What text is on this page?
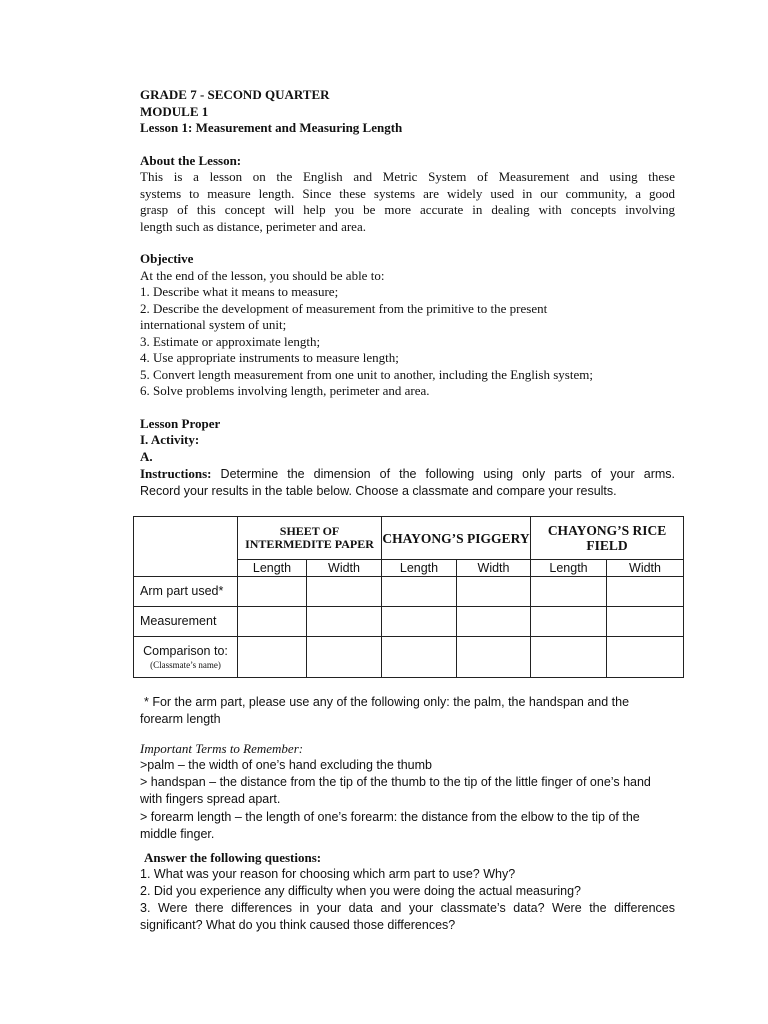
GRADE 7 - SECOND QUARTER
MODULE 1
Lesson 1: Measurement and Measuring Length
About the Lesson:
This is a lesson on the English and Metric System of Measurement and using these
systems to measure length. Since these systems are widely used in our community, a good
grasp of this concept will help you be more accurate in dealing with concepts involving
length such as distance, perimeter and area.
Objective
At the end of the lesson, you should be able to:
1. Describe what it means to measure;
2. Describe the development of measurement from the primitive to the present
international system of unit;
3. Estimate or approximate length;
4. Use appropriate instruments to measure length;
5. Convert length measurement from one unit to another, including the English system;
6. Solve problems involving length, perimeter and area.
Lesson Proper
I. Activity:
A.
Instructions: Determine the dimension of the following using only parts of your arms.
Record your results in the table below. Choose a classmate and compare your results.
	SHEET OF INTERMEDITE PAPER		CHAYONG’S PIGGERY		CHAYONG’S RICE FIELD	
	Length	Width	Length	Width	Length	Width
Arm part used*						
Measurement						
Comparison to:
(Classmate’s name)						

* For the arm part, please use any of the following only: the palm, the handspan and the
forearm length
Important Terms to Remember:
>palm – the width of one’s hand excluding the thumb
> handspan – the distance from the tip of the thumb to the tip of the little finger of one’s hand
with fingers spread apart.
> forearm length – the length of one’s forearm: the distance from the elbow to the tip of the
middle finger.
Answer the following questions:
1. What was your reason for choosing which arm part to use? Why?
2. Did you experience any difficulty when you were doing the actual measuring?
3. Were there differences in your data and your classmate’s data? Were the differences
significant? What do you think caused those differences?
